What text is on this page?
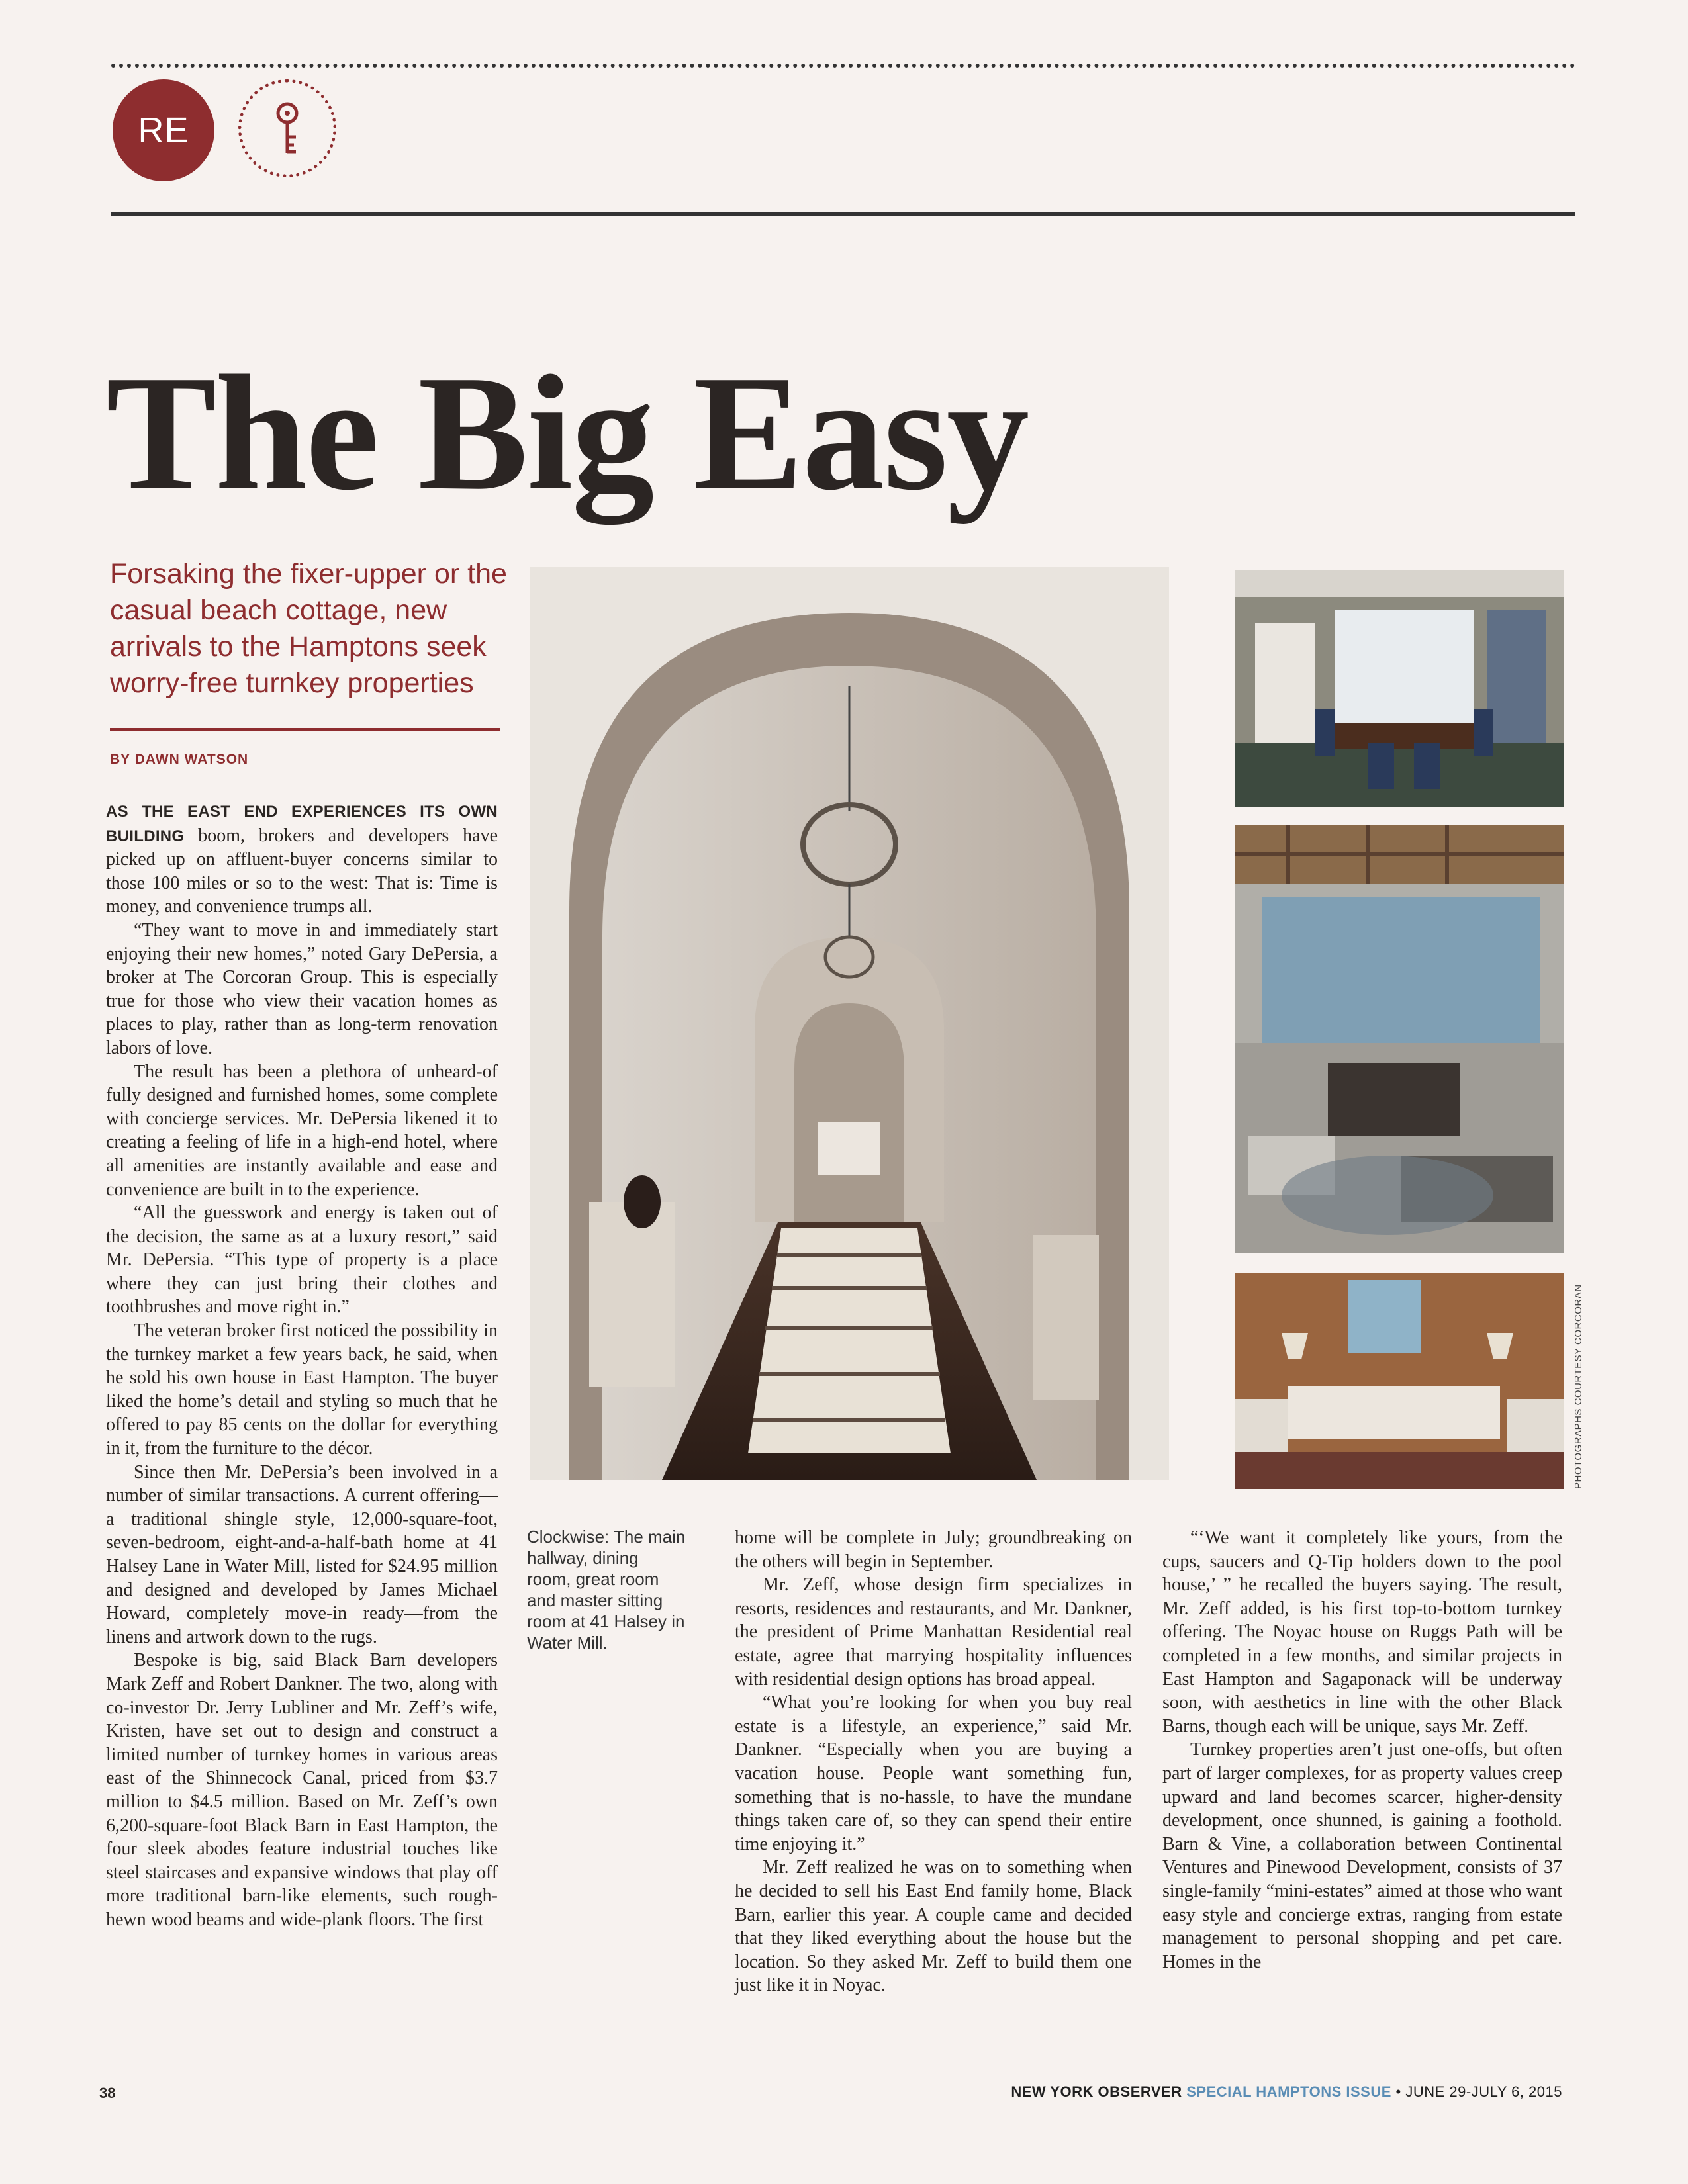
RE
The Big Easy

Forsaking the fixer-upper or the casual beach cottage, new arrivals to the Hamptons seek worry-free turnkey properties

BY DAWN WATSON

AS THE EAST END EXPERIENCES ITS OWN BUILDING boom, brokers and developers have picked up on affluent-buyer concerns similar to those 100 miles or so to the west: That is: Time is money, and convenience trumps all.

“They want to move in and immediately start enjoying their new homes,” noted Gary DePersia, a broker at The Corcoran Group. This is especially true for those who view their vacation homes as places to play, rather than as long-term renovation labors of love.

The result has been a plethora of unheard-of fully designed and furnished homes, some complete with concierge services. Mr. DePersia likened it to creating a feeling of life in a high-end hotel, where all amenities are instantly available and ease and convenience are built in to the experience.

“All the guesswork and energy is taken out of the decision, the same as at a luxury resort,” said Mr. DePersia. “This type of property is a place where they can just bring their clothes and toothbrushes and move right in.”

The veteran broker first noticed the possibility in the turnkey market a few years back, he said, when he sold his own house in East Hampton. The buyer liked the home’s detail and styling so much that he offered to pay 85 cents on the dollar for everything in it, from the furniture to the décor.

Since then Mr. DePersia’s been involved in a number of similar transactions. A current offering—a traditional shingle style, 12,000-square-foot, seven-bedroom, eight-and-a-half-bath home at 41 Halsey Lane in Water Mill, listed for $24.95 million and designed and developed by James Michael Howard, completely move-in ready—from the linens and artwork down to the rugs.

Bespoke is big, said Black Barn developers Mark Zeff and Robert Dankner. The two, along with co-investor Dr. Jerry Lubliner and Mr. Zeff’s wife, Kristen, have set out to design and construct a limited number of turnkey homes in various areas east of the Shinnecock Canal, priced from $3.7 million to $4.5 million. Based on Mr. Zeff’s own 6,200-square-foot Black Barn in East Hampton, the four sleek abodes feature industrial touches like steel staircases and expansive windows that play off more traditional barn-like elements, such rough-hewn wood beams and wide-plank floors. The first

Clockwise: The main hallway, dining room, great room and master sitting room at 41 Halsey in Water Mill.

home will be complete in July; groundbreaking on the others will begin in September.

Mr. Zeff, whose design firm specializes in resorts, residences and restaurants, and Mr. Dankner, the president of Prime Manhattan Residential real estate, agree that marrying hospitality influences with residential design options has broad appeal.

“What you’re looking for when you buy real estate is a lifestyle, an experience,” said Mr. Dankner. “Especially when you are buying a vacation house. People want something fun, something that is no-hassle, to have the mundane things taken care of, so they can spend their entire time enjoying it.”

Mr. Zeff realized he was on to something when he decided to sell his East End family home, Black Barn, earlier this year. A couple came and decided that they liked everything about the house but the location. So they asked Mr. Zeff to build them one just like it in Noyac.

“‘We want it completely like yours, from the cups, saucers and Q-Tip holders down to the pool house,’ ” he recalled the buyers saying. The result, Mr. Zeff added, is his first top-to-bottom turnkey offering. The Noyac house on Ruggs Path will be completed in a few months, and similar projects in East Hampton and Sagaponack will be underway soon, with aesthetics in line with the other Black Barns, though each will be unique, says Mr. Zeff.

Turnkey properties aren’t just one-offs, but often part of larger complexes, for as property values creep upward and land becomes scarcer, higher-density development, once shunned, is gaining a foothold. Barn & Vine, a collaboration between Continental Ventures and Pinewood Development, consists of 37 single-family “mini-estates” aimed at those who want easy style and concierge extras, ranging from estate management to personal shopping and pet care. Homes in the

PHOTOGRAPHS COURTESY CORCORAN
38	NEW YORK OBSERVER SPECIAL HAMPTONS ISSUE • JUNE 29-JULY 6, 2015
